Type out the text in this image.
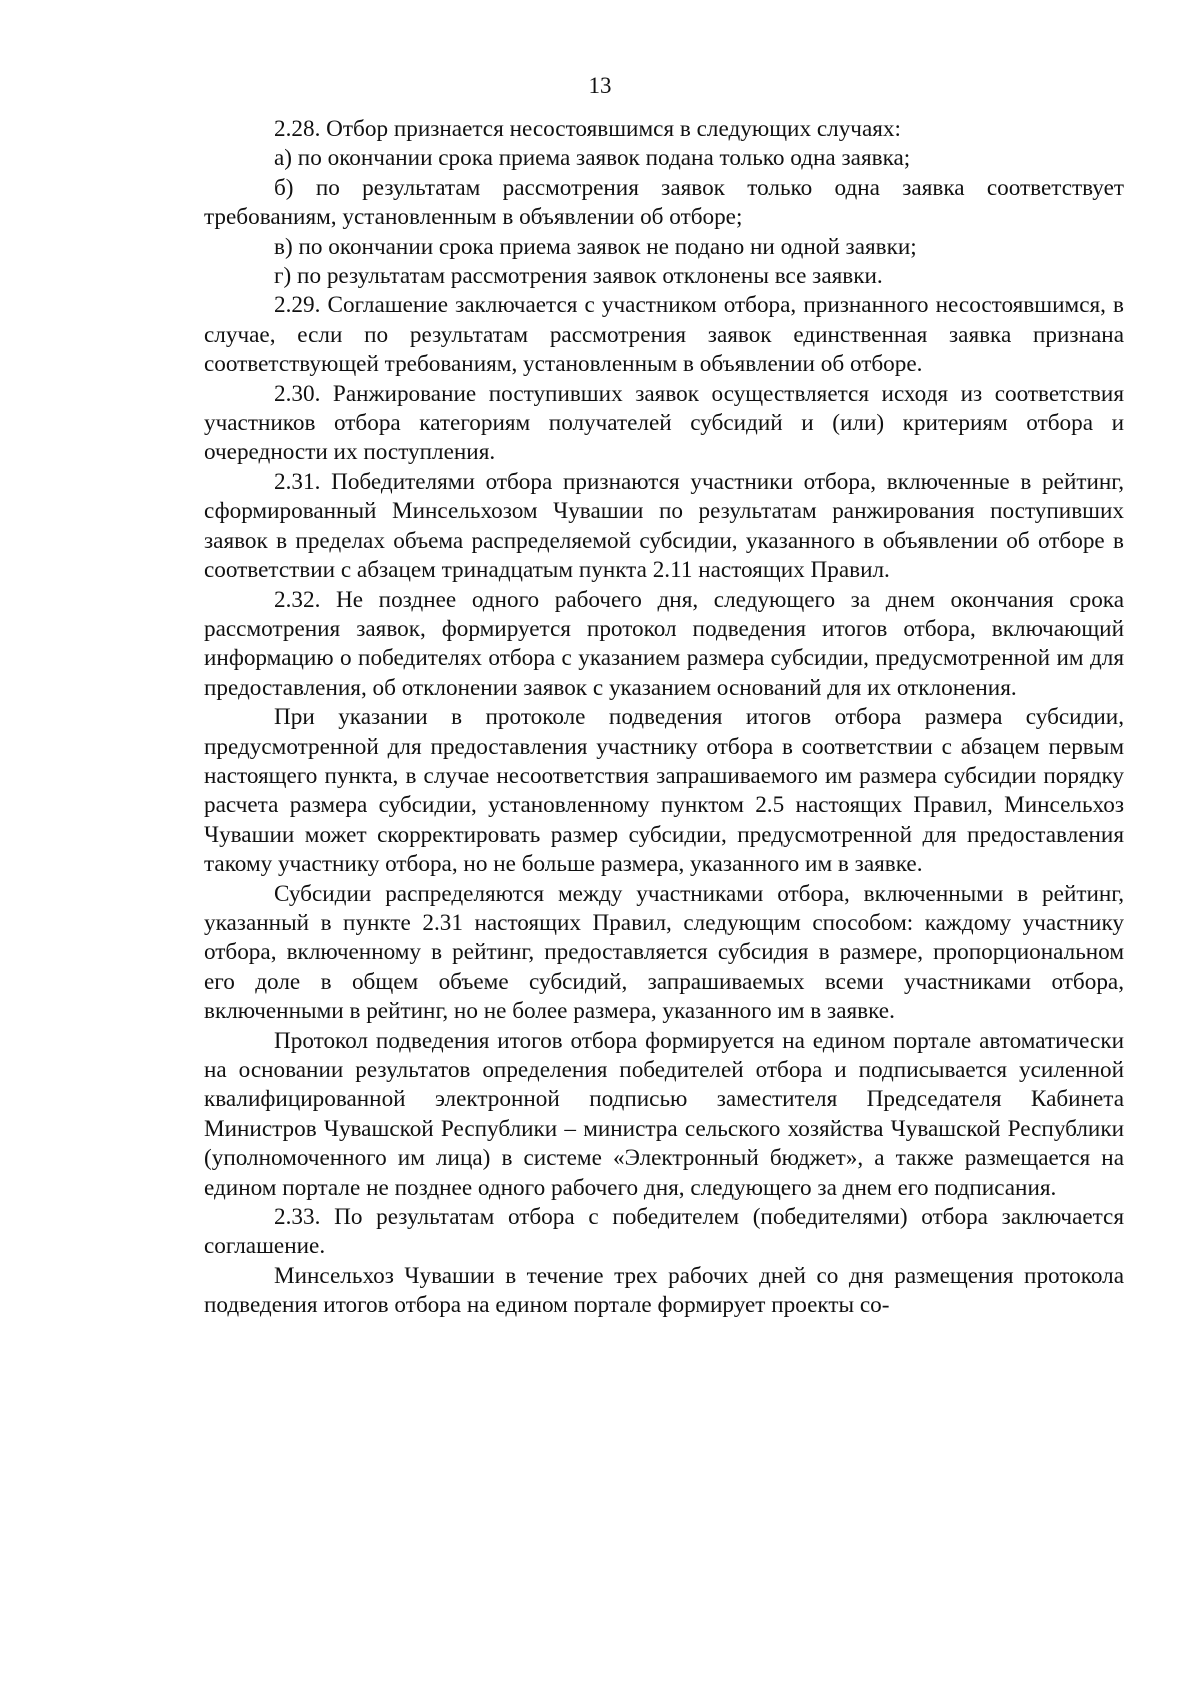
13

2.28. Отбор признается несостоявшимся в следующих случаях:

а) по окончании срока приема заявок подана только одна заявка;

б) по результатам рассмотрения заявок только одна заявка соответствует требованиям, установленным в объявлении об отборе;

в) по окончании срока приема заявок не подано ни одной заявки;

г) по результатам рассмотрения заявок отклонены все заявки.

2.29. Соглашение заключается с участником отбора, признанного несостоявшимся, в случае, если по результатам рассмотрения заявок единственная заявка признана соответствующей требованиям, установленным в объявлении об отборе.

2.30. Ранжирование поступивших заявок осуществляется исходя из соответствия участников отбора категориям получателей субсидий и (или) критериям отбора и очередности их поступления.

2.31. Победителями отбора признаются участники отбора, включенные в рейтинг, сформированный Минсельхозом Чувашии по результатам ранжирования поступивших заявок в пределах объема распределяемой субсидии, указанного в объявлении об отборе в соответствии с абзацем тринадцатым пункта 2.11 настоящих Правил.

2.32. Не позднее одного рабочего дня, следующего за днем окончания срока рассмотрения заявок, формируется протокол подведения итогов отбора, включающий информацию о победителях отбора с указанием размера субсидии, предусмотренной им для предоставления, об отклонении заявок с указанием оснований для их отклонения.

При указании в протоколе подведения итогов отбора размера субсидии, предусмотренной для предоставления участнику отбора в соответствии с абзацем первым настоящего пункта, в случае несоответствия запрашиваемого им размера субсидии порядку расчета размера субсидии, установленному пунктом 2.5 настоящих Правил, Минсельхоз Чувашии может скорректировать размер субсидии, предусмотренной для предоставления такому участнику отбора, но не больше размера, указанного им в заявке.

Субсидии распределяются между участниками отбора, включенными в рейтинг, указанный в пункте 2.31 настоящих Правил, следующим способом: каждому участнику отбора, включенному в рейтинг, предоставляется субсидия в размере, пропорциональном его доле в общем объеме субсидий, запрашиваемых всеми участниками отбора, включенными в рейтинг, но не более размера, указанного им в заявке.

Протокол подведения итогов отбора формируется на едином портале автоматически на основании результатов определения победителей отбора и подписывается усиленной квалифицированной электронной подписью заместителя Председателя Кабинета Министров Чувашской Республики – министра сельского хозяйства Чувашской Республики (уполномоченного им лица) в системе «Электронный бюджет», а также размещается на едином портале не позднее одного рабочего дня, следующего за днем его подписания.

2.33. По результатам отбора с победителем (победителями) отбора заключается соглашение.

Минсельхоз Чувашии в течение трех рабочих дней со дня размещения протокола подведения итогов отбора на едином портале формирует проекты со-
